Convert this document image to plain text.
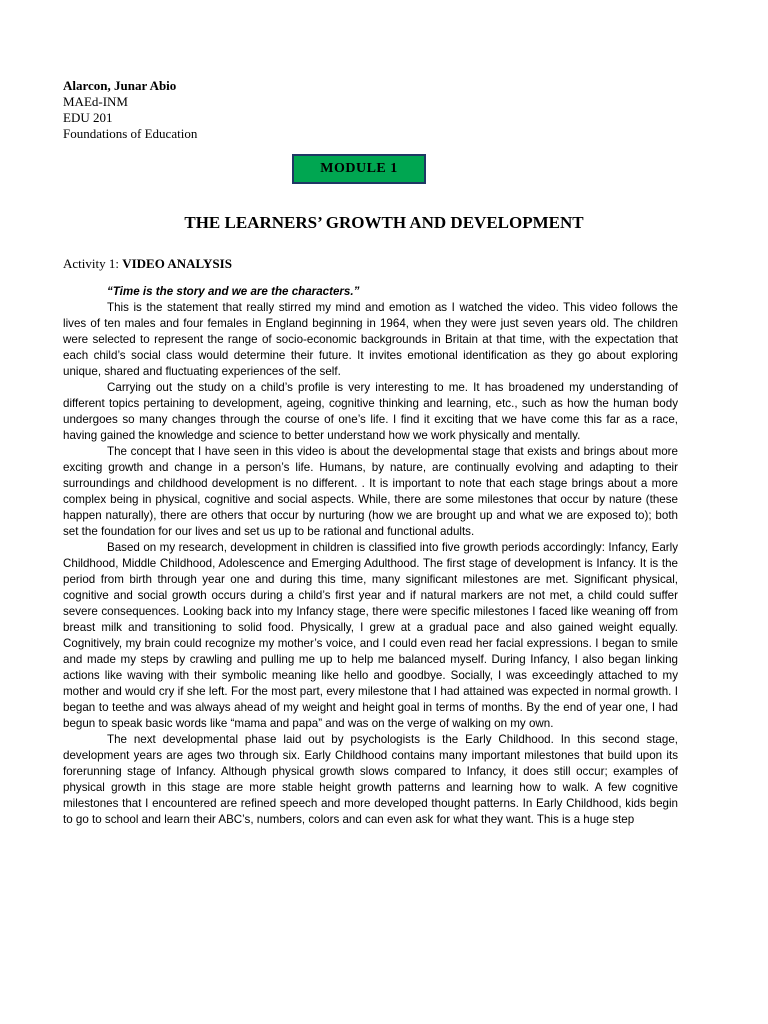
Alarcon, Junar Abio
MAEd-INM
EDU 201
Foundations of Education
MODULE 1
THE LEARNERS’ GROWTH AND DEVELOPMENT
Activity 1: VIDEO ANALYSIS
“Time is the story and we are the characters.”

This is the statement that really stirred my mind and emotion as I watched the video. This video follows the lives of ten males and four females in England beginning in 1964, when they were just seven years old. The children were selected to represent the range of socio-economic backgrounds in Britain at that time, with the expectation that each child’s social class would determine their future. It invites emotional identification as they go about exploring unique, shared and fluctuating experiences of the self.

Carrying out the study on a child’s profile is very interesting to me. It has broadened my understanding of different topics pertaining to development, ageing, cognitive thinking and learning, etc., such as how the human body undergoes so many changes through the course of one’s life. I find it exciting that we have come this far as a race, having gained the knowledge and science to better understand how we work physically and mentally.

The concept that I have seen in this video is about the developmental stage that exists and brings about more exciting growth and change in a person’s life. Humans, by nature, are continually evolving and adapting to their surroundings and childhood development is no different. . It is important to note that each stage brings about a more complex being in physical, cognitive and social aspects. While, there are some milestones that occur by nature (these happen naturally), there are others that occur by nurturing (how we are brought up and what we are exposed to); both set the foundation for our lives and set us up to be rational and functional adults.

Based on my research, development in children is classified into five growth periods accordingly: Infancy, Early Childhood, Middle Childhood, Adolescence and Emerging Adulthood. The first stage of development is Infancy. It is the period from birth through year one and during this time, many significant milestones are met. Significant physical, cognitive and social growth occurs during a child’s first year and if natural markers are not met, a child could suffer severe consequences. Looking back into my Infancy stage, there were specific milestones I faced like weaning off from breast milk and transitioning to solid food. Physically, I grew at a gradual pace and also gained weight equally. Cognitively, my brain could recognize my mother’s voice, and I could even read her facial expressions. I began to smile and made my steps by crawling and pulling me up to help me balanced myself. During Infancy, I also began linking actions like waving with their symbolic meaning like hello and goodbye. Socially, I was exceedingly attached to my mother and would cry if she left. For the most part, every milestone that I had attained was expected in normal growth. I began to teethe and was always ahead of my weight and height goal in terms of months. By the end of year one, I had begun to speak basic words like “mama and papa” and was on the verge of walking on my own.

The next developmental phase laid out by psychologists is the Early Childhood. In this second stage, development years are ages two through six. Early Childhood contains many important milestones that build upon its forerunning stage of Infancy. Although physical growth slows compared to Infancy, it does still occur; examples of physical growth in this stage are more stable height growth patterns and learning how to walk. A few cognitive milestones that I encountered are refined speech and more developed thought patterns. In Early Childhood, kids begin to go to school and learn their ABC’s, numbers, colors and can even ask for what they want. This is a huge step
